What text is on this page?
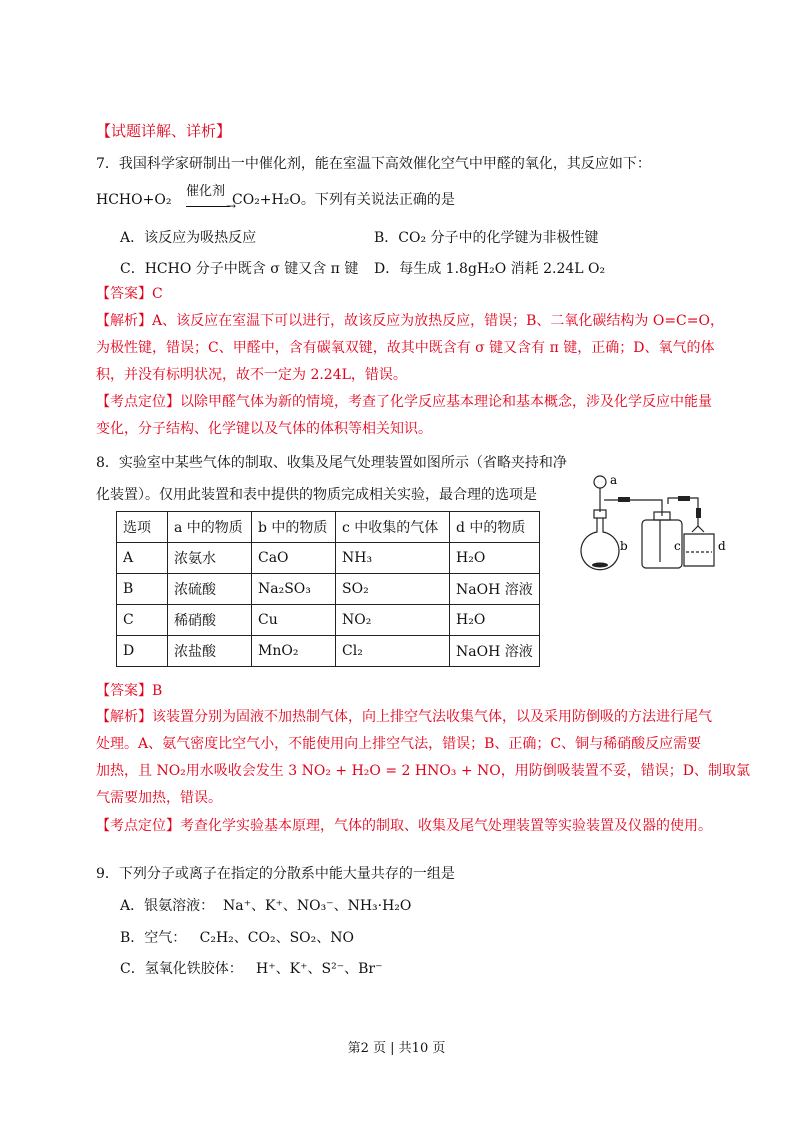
【试题详解、详析】
7．我国科学家研制出一中催化剂，能在室温下高效催化空气中甲醛的氧化，其反应如下：
HCHO+O₂
催化剂
→
CO₂+H₂O。下列有关说法正确的是
A．该反应为吸热反应	B．CO₂ 分子中的化学键为非极性键
C．HCHO 分子中既含 σ 键又含 π 键 D．每生成 1.8gH₂O 消耗 2.24L O₂
【答案】C
【解析】A、该反应在室温下可以进行，故该反应为放热反应，错误；B、二氧化碳结构为 O=C=O，
为极性键，错误；C、甲醛中，含有碳氧双键，故其中既含有 σ 键又含有 π 键，正确；D、氧气的体
积，并没有标明状况，故不一定为 2.24L，错误。
【考点定位】以除甲醛气体为新的情境，考查了化学反应基本理论和基本概念，涉及化学反应中能量
变化，分子结构、化学键以及气体的体积等相关知识。
8．实验室中某些气体的制取、收集及尾气处理装置如图所示（省略夹持和净
化装置）。仅用此装置和表中提供的物质完成相关实验，最合理的选项是
选项	a 中的物质	b 中的物质	c 中收集的气体	d 中的物质
A	浓氨水	CaO	NH₃	H₂O
B	浓硫酸	Na₂SO₃	SO₂	NaOH 溶液
C	稀硝酸	Cu	NO₂	H₂O
D	浓盐酸	MnO₂	Cl₂	NaOH 溶液
a
b	c	d
【答案】B
【解析】该装置分别为固液不加热制气体，向上排空气法收集气体，以及采用防倒吸的方法进行尾气
处理。A、氨气密度比空气小，不能使用向上排空气法，错误；B、正确；C、铜与稀硝酸反应需要
加热，且 NO₂用水吸收会发生 3 NO₂ + H₂O = 2 HNO₃ + NO，用防倒吸装置不妥，错误；D、制取氯
气需要加热，错误。
【考点定位】考查化学实验基本原理，气体的制取、收集及尾气处理装置等实验装置及仪器的使用。
9．下列分子或离子在指定的分散系中能大量共存的一组是
A．银氨溶液：  Na⁺、K⁺、NO₃⁻、NH₃·H₂O
B．空气：   C₂H₂、CO₂、SO₂、NO
C．氢氧化铁胶体：   H⁺、K⁺、S²⁻、Br⁻
第2 页 | 共10 页
